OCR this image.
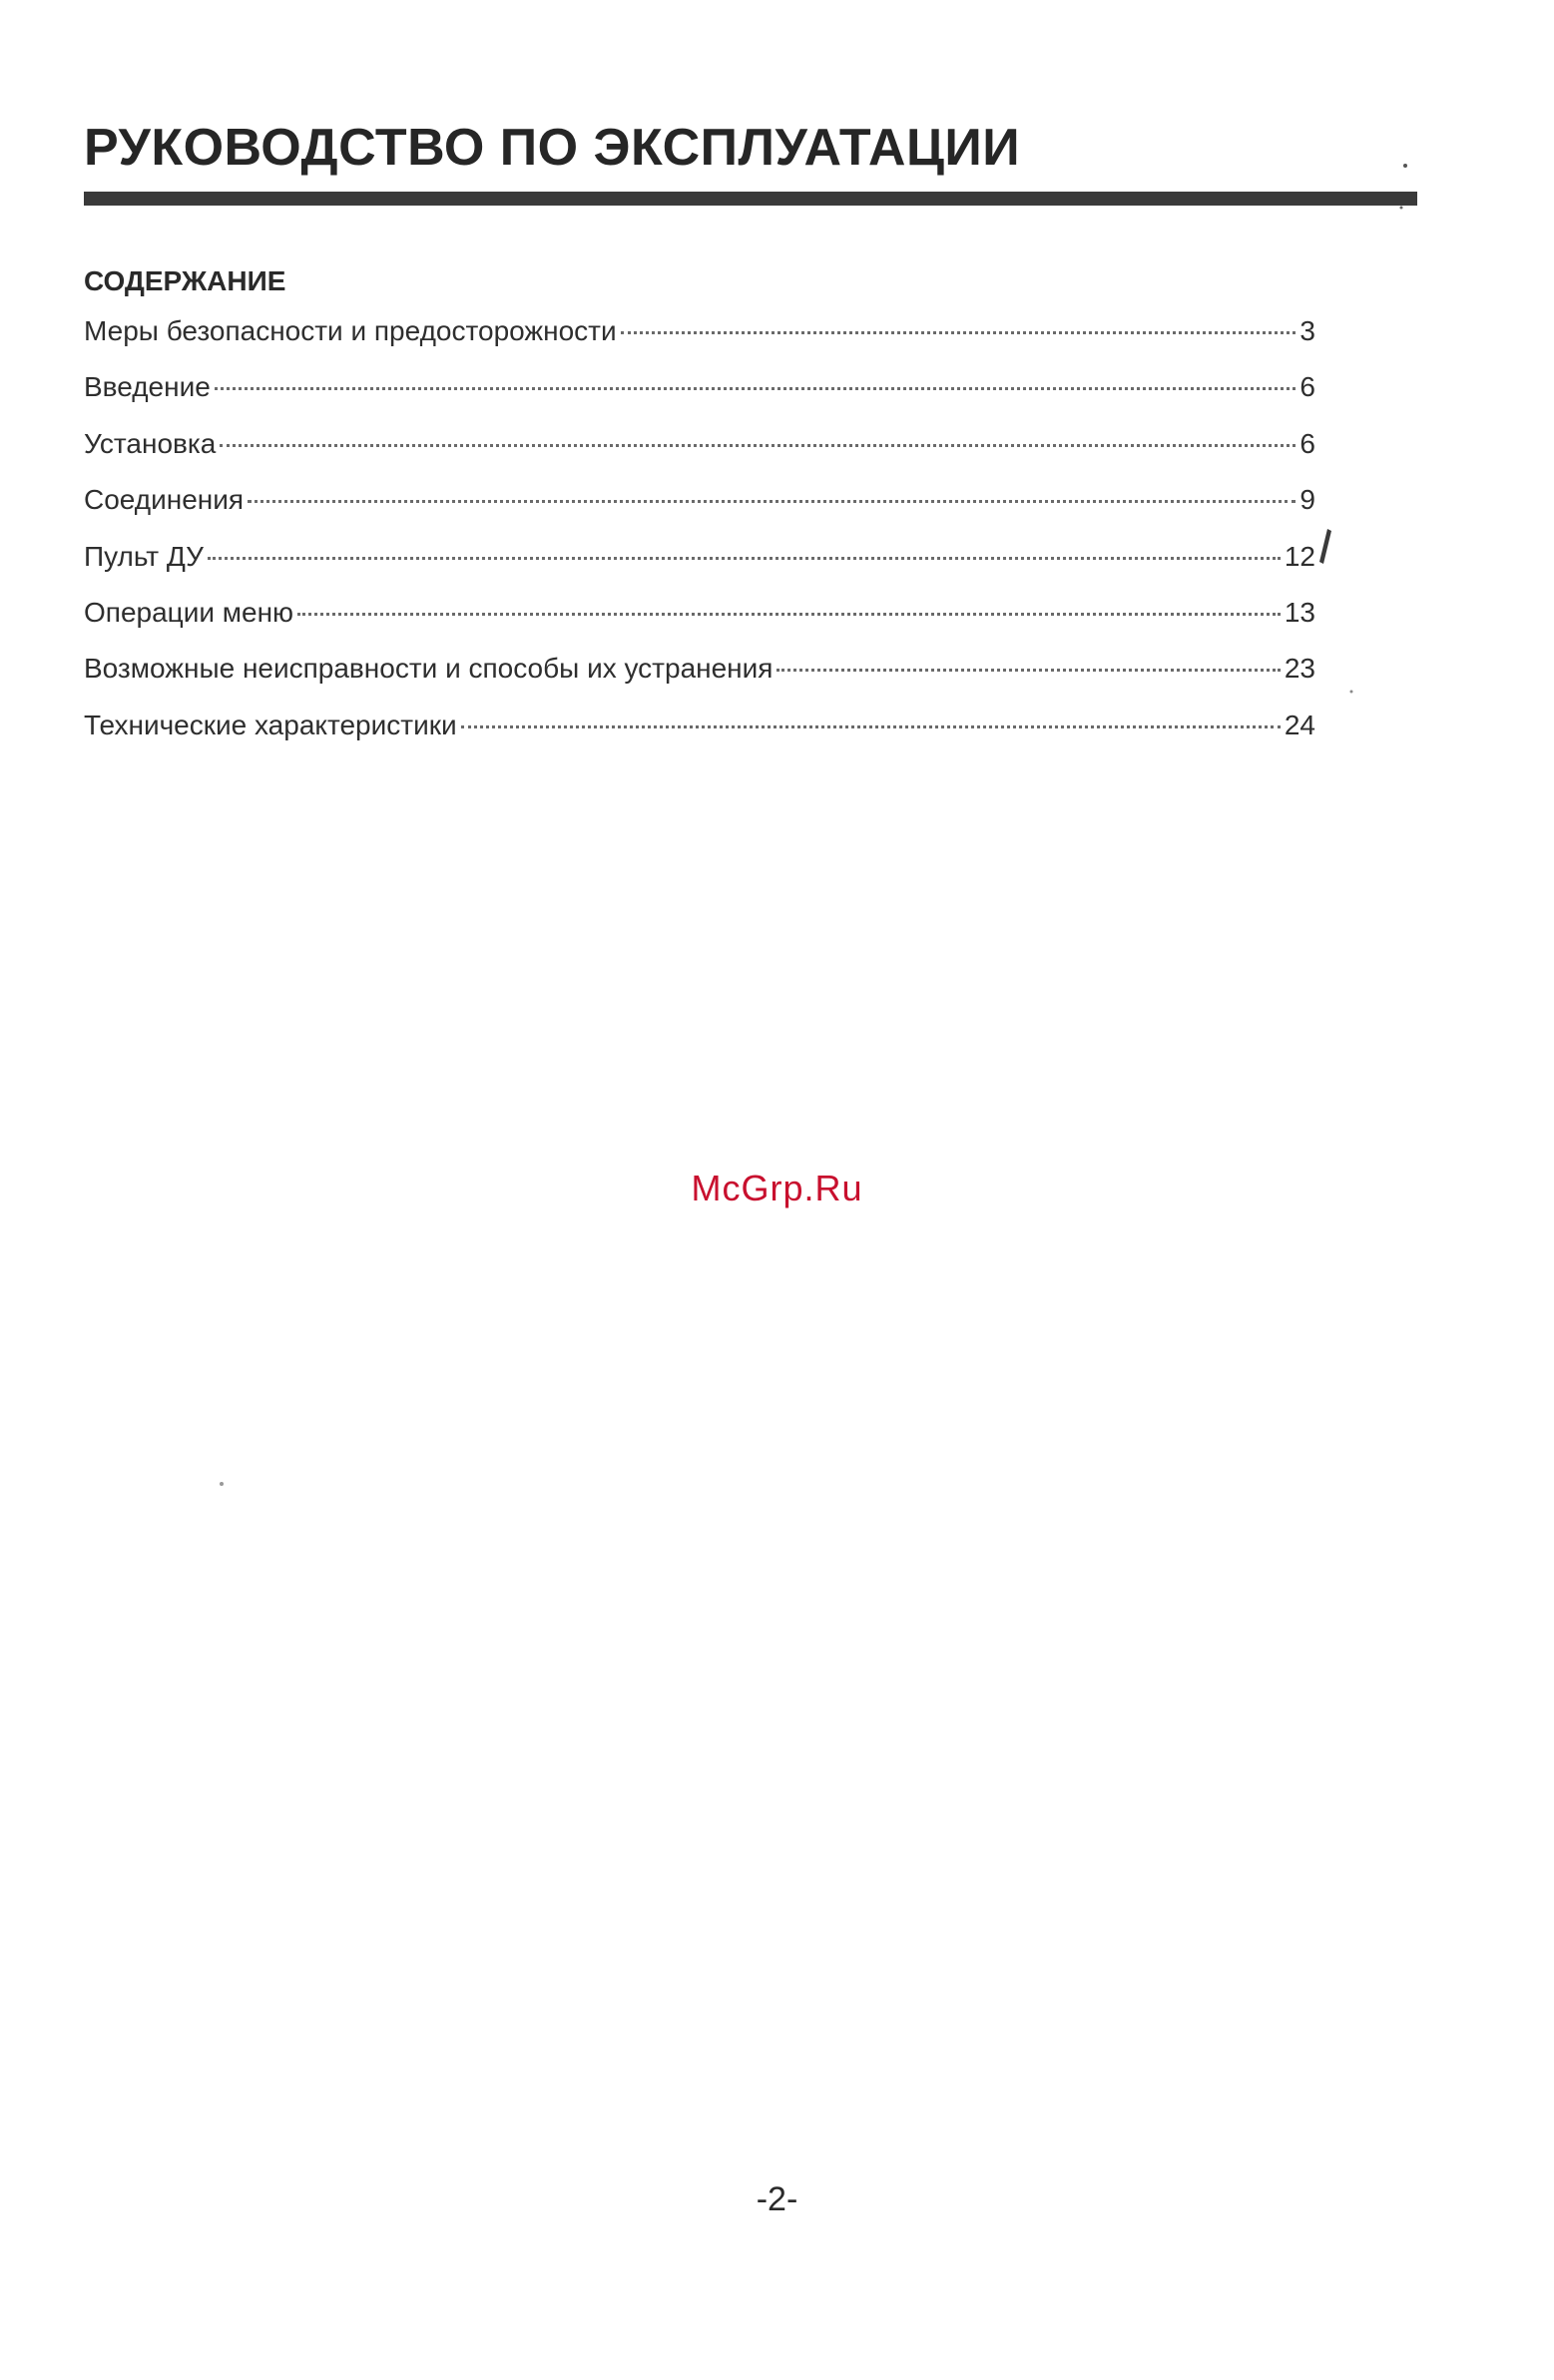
РУКОВОДСТВО ПО ЭКСПЛУАТАЦИИ
СОДЕРЖАНИЕ
Меры безопасности и предосторожности	3
Введение	6
Установка	6
Соединения	9
Пульт ДУ	12
Операции меню	13
Возможные неисправности и способы их устранения	23
Технические характеристики	24
McGrp.Ru
-2-
